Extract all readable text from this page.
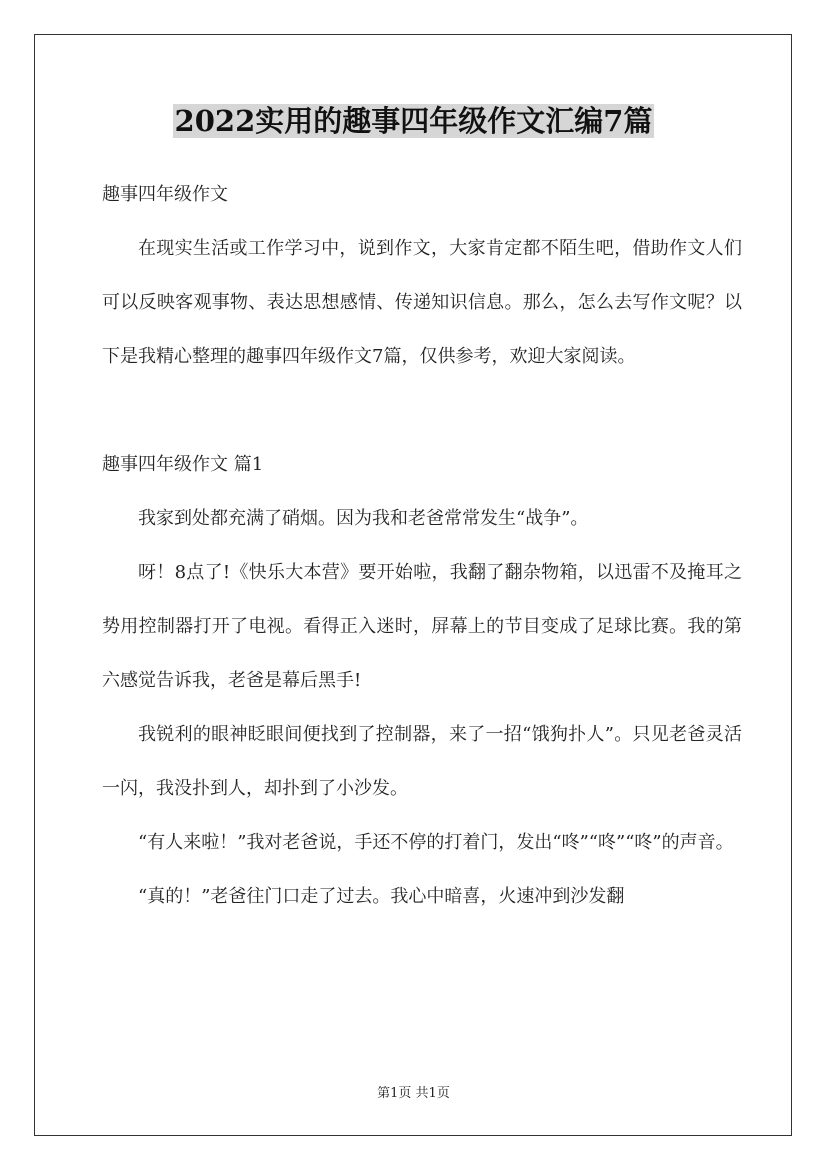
2022实用的趣事四年级作文汇编7篇

趣事四年级作文

在现实生活或工作学习中，说到作文，大家肯定都不陌生吧，借助作文人们可以反映客观事物、表达思想感情、传递知识信息。那么，怎么去写作文呢？以下是我精心整理的趣事四年级作文7篇，仅供参考，欢迎大家阅读。

趣事四年级作文 篇1

我家到处都充满了硝烟。因为我和老爸常常发生“战争”。

呀！8点了!《快乐大本营》要开始啦，我翻了翻杂物箱，以迅雷不及掩耳之势用控制器打开了电视。看得正入迷时，屏幕上的节目变成了足球比赛。我的第六感觉告诉我，老爸是幕后黑手!

我锐利的眼神眨眼间便找到了控制器，来了一招“饿狗扑人”。只见老爸灵活一闪，我没扑到人，却扑到了小沙发。

“有人来啦！”我对老爸说，手还不停的打着门，发出“咚”“咚”“咚”的声音。

“真的！”老爸往门口走了过去。我心中暗喜，火速冲到沙发翻

第1页 共1页
